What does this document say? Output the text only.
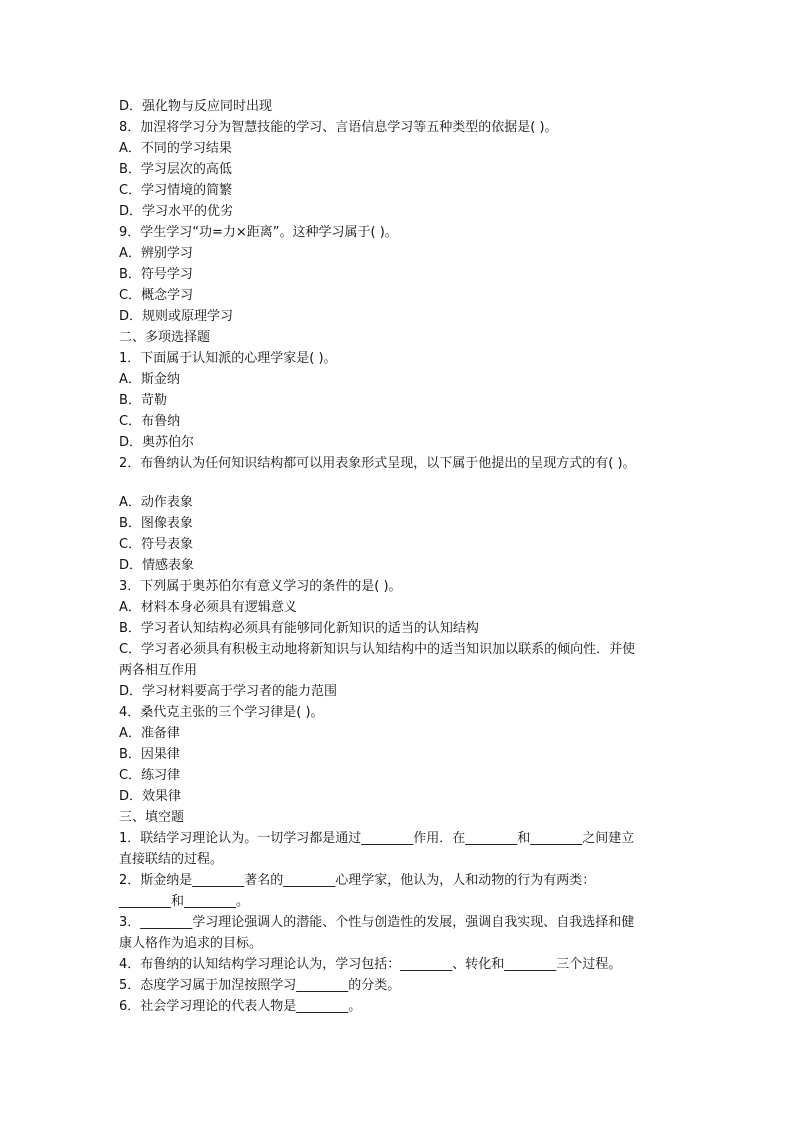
D．强化物与反应同时出现
8．加涅将学习分为智慧技能的学习、言语信息学习等五种类型的依据是( )。
A．不同的学习结果
B．学习层次的高低
C．学习情境的简繁
D．学习水平的优劣
9．学生学习“功=力×距离”。这种学习属于( )。
A．辨别学习
B．符号学习
C．概念学习
D．规则或原理学习
二、多项选择题
1．下面属于认知派的心理学家是( )。
A．斯金纳
B．苛勒
C．布鲁纳
D．奥苏伯尔
2．布鲁纳认为任何知识结构都可以用表象形式呈现，以下属于他提出的呈现方式的有( )。
A．动作表象
B．图像表象
C．符号表象
D．情感表象
3．下列属于奥苏伯尔有意义学习的条件的是( )。
A．材料本身必须具有逻辑意义
B．学习者认知结构必须具有能够同化新知识的适当的认知结构
C．学习者必须具有积极主动地将新知识与认知结构中的适当知识加以联系的倾向性．并使
两各相互作用
D．学习材料要高于学习者的能力范围
4．桑代克主张的三个学习律是( )。
A．准备律
B．因果律
C．练习律
D．效果律
三、填空题
1．联结学习理论认为。一切学习都是通过________作用．在________和________之间建立
直接联结的过程。
2．斯金纳是________著名的________心理学家，他认为，人和动物的行为有两类：
________和________。
3．________学习理论强调人的潜能、个性与创造性的发展，强调自我实现、自我选择和健
康人格作为追求的目标。
4．布鲁纳的认知结构学习理论认为，学习包括：________、转化和________三个过程。
5．态度学习属于加涅按照学习________的分类。
6．社会学习理论的代表人物是________。
